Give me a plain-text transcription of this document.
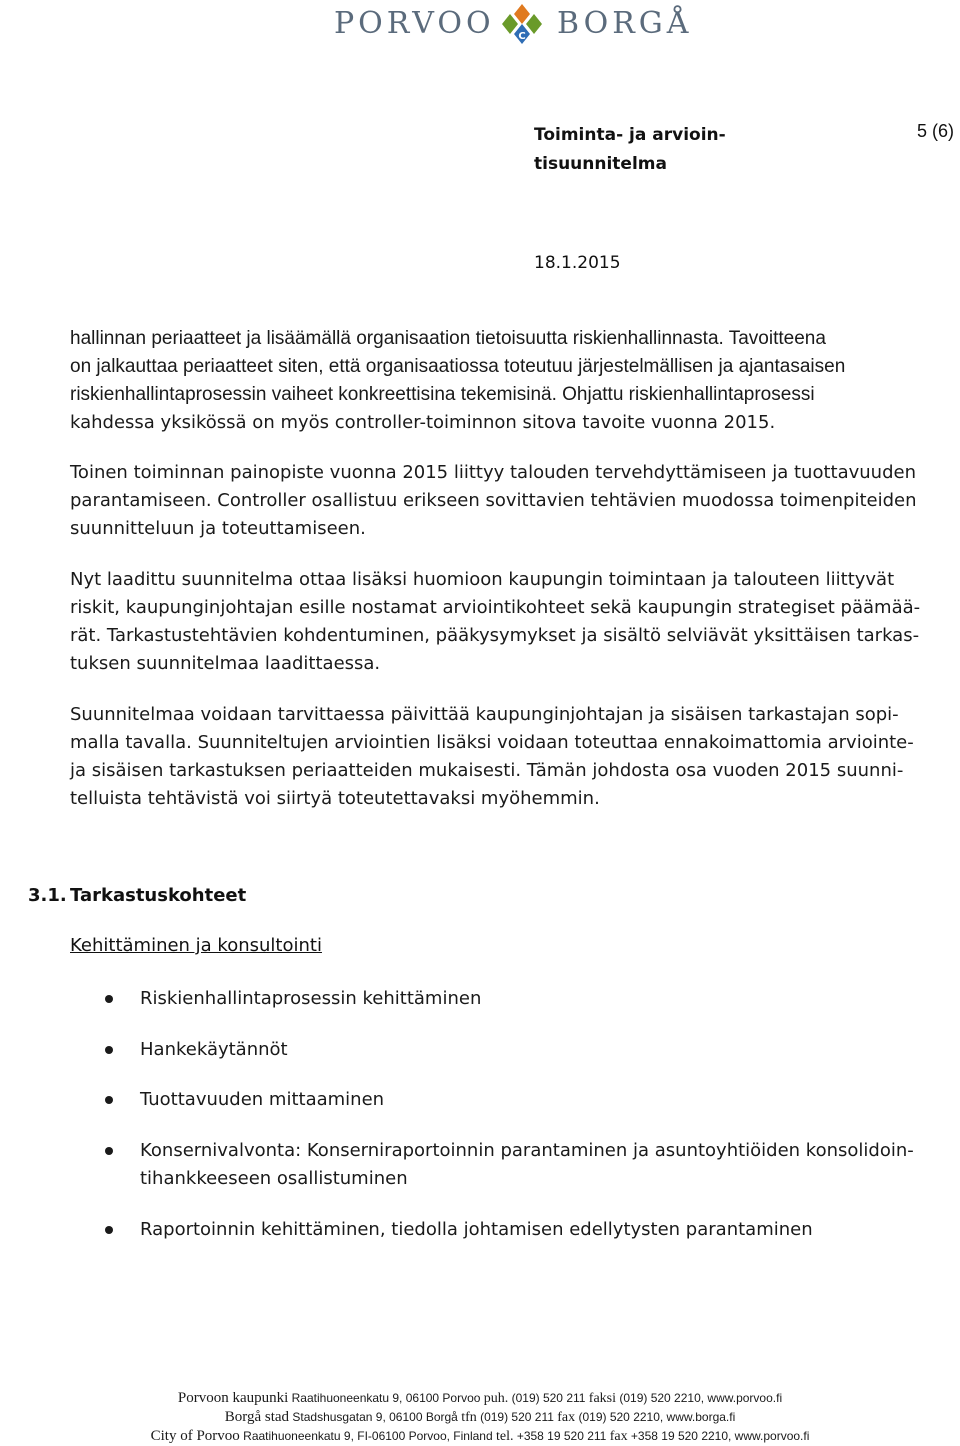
PORVOO C BORGÅ
Toiminta- ja arvioin-
tisuunnitelma
5 (6)
18.1.2015
hallinnan periaatteet ja lisäämällä organisaation tietoisuutta riskienhallinnasta. Tavoitteena
on jalkauttaa periaatteet siten, että organisaatiossa toteutuu järjestelmällisen ja ajantasaisen
riskienhallintaprosessin vaiheet konkreettisina tekemisinä. Ohjattu riskienhallintaprosessi
kahdessa yksikössä on myös controller-toiminnon sitova tavoite vuonna 2015.
Toinen toiminnan painopiste vuonna 2015 liittyy talouden tervehdyttämiseen ja tuottavuuden
parantamiseen. Controller osallistuu erikseen sovittavien tehtävien muodossa toimenpiteiden
suunnitteluun ja toteuttamiseen.
Nyt laadittu suunnitelma ottaa lisäksi huomioon kaupungin toimintaan ja talouteen liittyvät
riskit, kaupunginjohtajan esille nostamat arviointikohteet sekä kaupungin strategiset päämää-
rät. Tarkastustehtävien kohdentuminen, pääkysymykset ja sisältö selviävät yksittäisen tarkas-
tuksen suunnitelmaa laadittaessa.
Suunnitelmaa voidaan tarvittaessa päivittää kaupunginjohtajan ja sisäisen tarkastajan sopi-
malla tavalla. Suunniteltujen arviointien lisäksi voidaan toteuttaa ennakoimattomia arviointe-
ja sisäisen tarkastuksen periaatteiden mukaisesti. Tämän johdosta osa vuoden 2015 suunni-
telluista tehtävistä voi siirtyä toteutettavaksi myöhemmin.
3.1. Tarkastuskohteet
Kehittäminen ja konsultointi
Riskienhallintaprosessin kehittäminen
Hankekäytännöt
Tuottavuuden mittaaminen
Konsernivalvonta: Konserniraportoinnin parantaminen ja asuntoyhtiöiden konsolidoin-
tihankkeeseen osallistuminen
Raportoinnin kehittäminen, tiedolla johtamisen edellytysten parantaminen
Porvoon kaupunki Raatihuoneenkatu 9, 06100 Porvoo puh. (019) 520 211 faksi (019) 520 2210, www.porvoo.fi
Borgå stad Stadshusgatan 9, 06100 Borgå tfn (019) 520 211 fax (019) 520 2210, www.borga.fi
City of Porvoo Raatihuoneenkatu 9, FI-06100 Porvoo, Finland tel. +358 19 520 211 fax +358 19 520 2210, www.porvoo.fi
